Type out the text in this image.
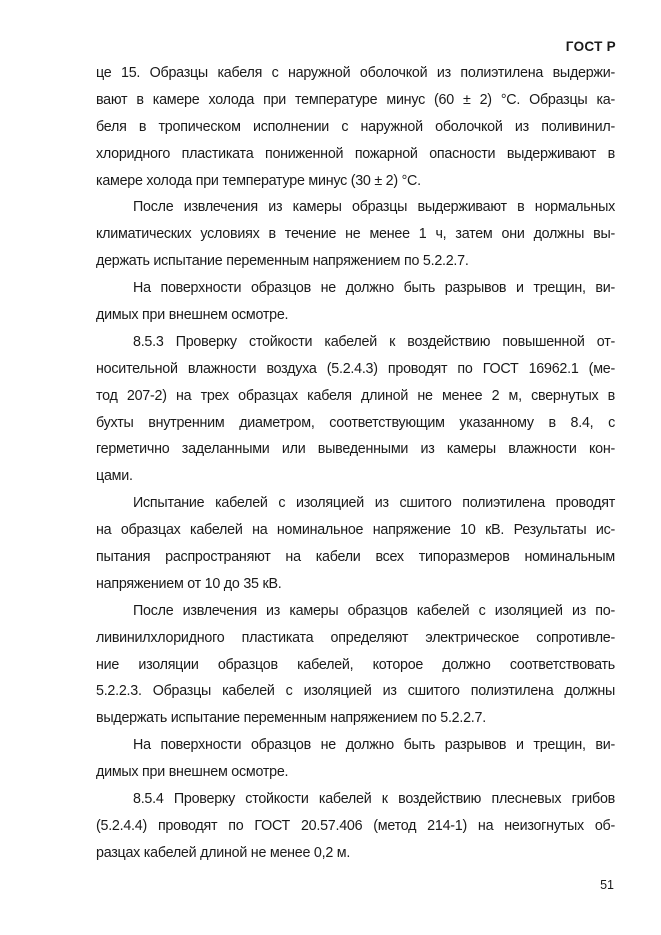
ГОСТ Р
це 15. Образцы кабеля с наружной оболочкой из полиэтилена выдержи-
вают в камере холода при температуре минус (60 ± 2) °С. Образцы ка-
беля в тропическом исполнении с наружной оболочкой из поливинил-
хлоридного пластиката пониженной пожарной опасности выдерживают в
камере холода при температуре минус (30 ± 2) °С.
После извлечения из камеры образцы выдерживают в нормальных
климатических условиях в течение не менее 1 ч, затем они должны вы-
держать испытание переменным напряжением по 5.2.2.7.
На поверхности образцов не должно быть разрывов и трещин, ви-
димых при внешнем осмотре.
8.5.3 Проверку стойкости кабелей к воздействию повышенной от-
носительной влажности воздуха (5.2.4.3) проводят по ГОСТ 16962.1 (ме-
тод 207-2) на трех образцах кабеля длиной не менее 2 м, свернутых в
бухты внутренним диаметром, соответствующим указанному в 8.4, с
герметично заделанными или выведенными из камеры влажности кон-
цами.
Испытание кабелей с изоляцией из сшитого полиэтилена проводят
на образцах кабелей на номинальное напряжение 10 кВ. Результаты ис-
пытания распространяют на кабели всех типоразмеров номинальным
напряжением от 10 до 35 кВ.
После извлечения из камеры образцов кабелей с изоляцией из по-
ливинилхлоридного пластиката определяют электрическое сопротивле-
ние изоляции образцов кабелей, которое должно соответствовать
5.2.2.3. Образцы кабелей с изоляцией из сшитого полиэтилена должны
выдержать испытание переменным напряжением по 5.2.2.7.
На поверхности образцов не должно быть разрывов и трещин, ви-
димых при внешнем осмотре.
8.5.4 Проверку стойкости кабелей к воздействию плесневых грибов
(5.2.4.4) проводят по ГОСТ 20.57.406 (метод 214-1) на неизогнутых об-
разцах кабелей длиной не менее 0,2 м.
51
